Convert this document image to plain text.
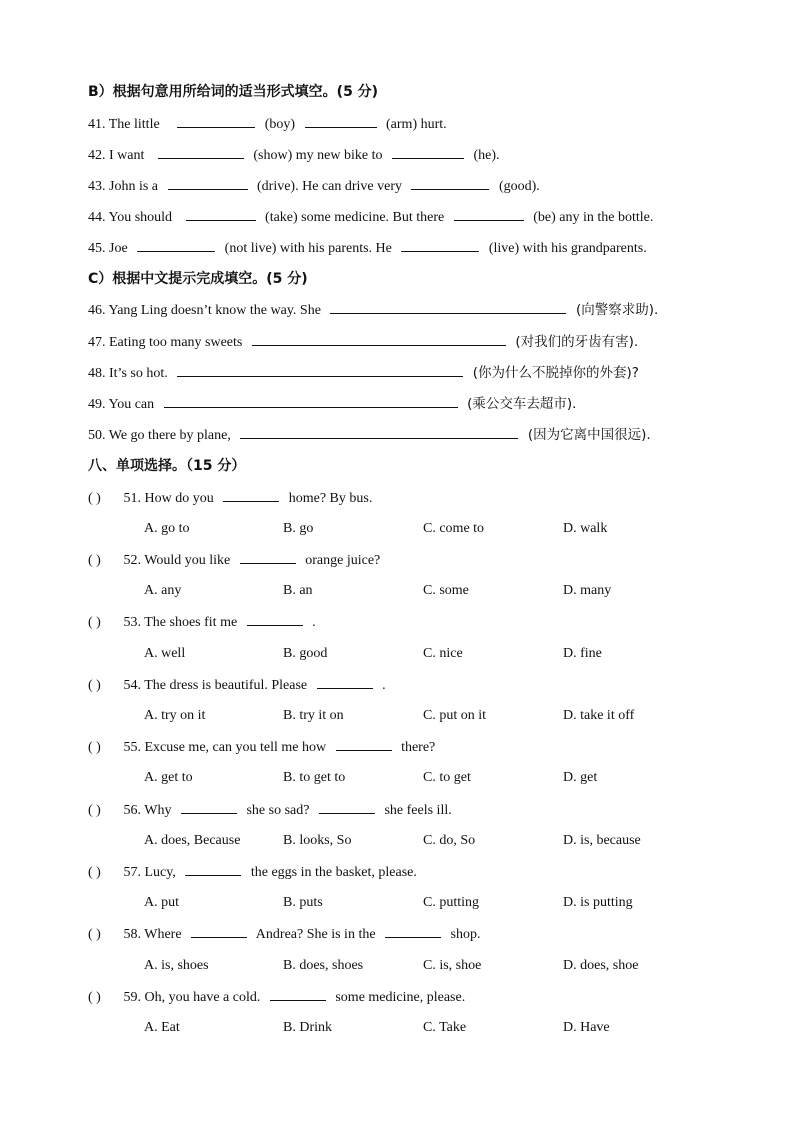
B）根据句意用所给词的适当形式填空。(5 分)
41. The little	(boy)	(arm) hurt.
42. I want	(show) my new bike to	(he).
43. John is a	(drive). He can drive very	(good).
44. You should	(take) some medicine. But there	(be) any in the bottle.
45. Joe	(not live) with his parents. He	(live) with his grandparents.
C）根据中文提示完成填空。(5 分)
46. Yang Ling doesn’t know the way. She	(向警察求助).
47. Eating too many sweets	(对我们的牙齿有害).
48. It’s so hot.	(你为什么不脱掉你的外套)?
49. You can	(乘公交车去超市).
50. We go there by plane,	(因为它离中国很远).
八、单项选择。（15 分）
( ) 51. How do you	home? By bus.
A. go to	B. go	C. come to	D. walk
( ) 52. Would you like	orange juice?
A. any	B. an	C. some	D. many
( ) 53. The shoes fit me	.
A. well	B. good	C. nice	D. fine
( ) 54. The dress is beautiful. Please	.
A. try on it	B. try it on	C. put on it	D. take it off
( ) 55. Excuse me, can you tell me how	there?
A. get to	B. to get to	C. to get	D. get
( ) 56. Why	she so sad?	she feels ill.
A. does, Because	B. looks, So	C. do, So	D. is, because
( ) 57. Lucy,	the eggs in the basket, please.
A. put	B. puts	C. putting	D. is putting
( ) 58. Where	Andrea? She is in the	shop.
A. is, shoes	B. does, shoes	C. is, shoe	D. does, shoe
( ) 59. Oh, you have a cold.	some medicine, please.
A. Eat	B. Drink	C. Take	D. Have
